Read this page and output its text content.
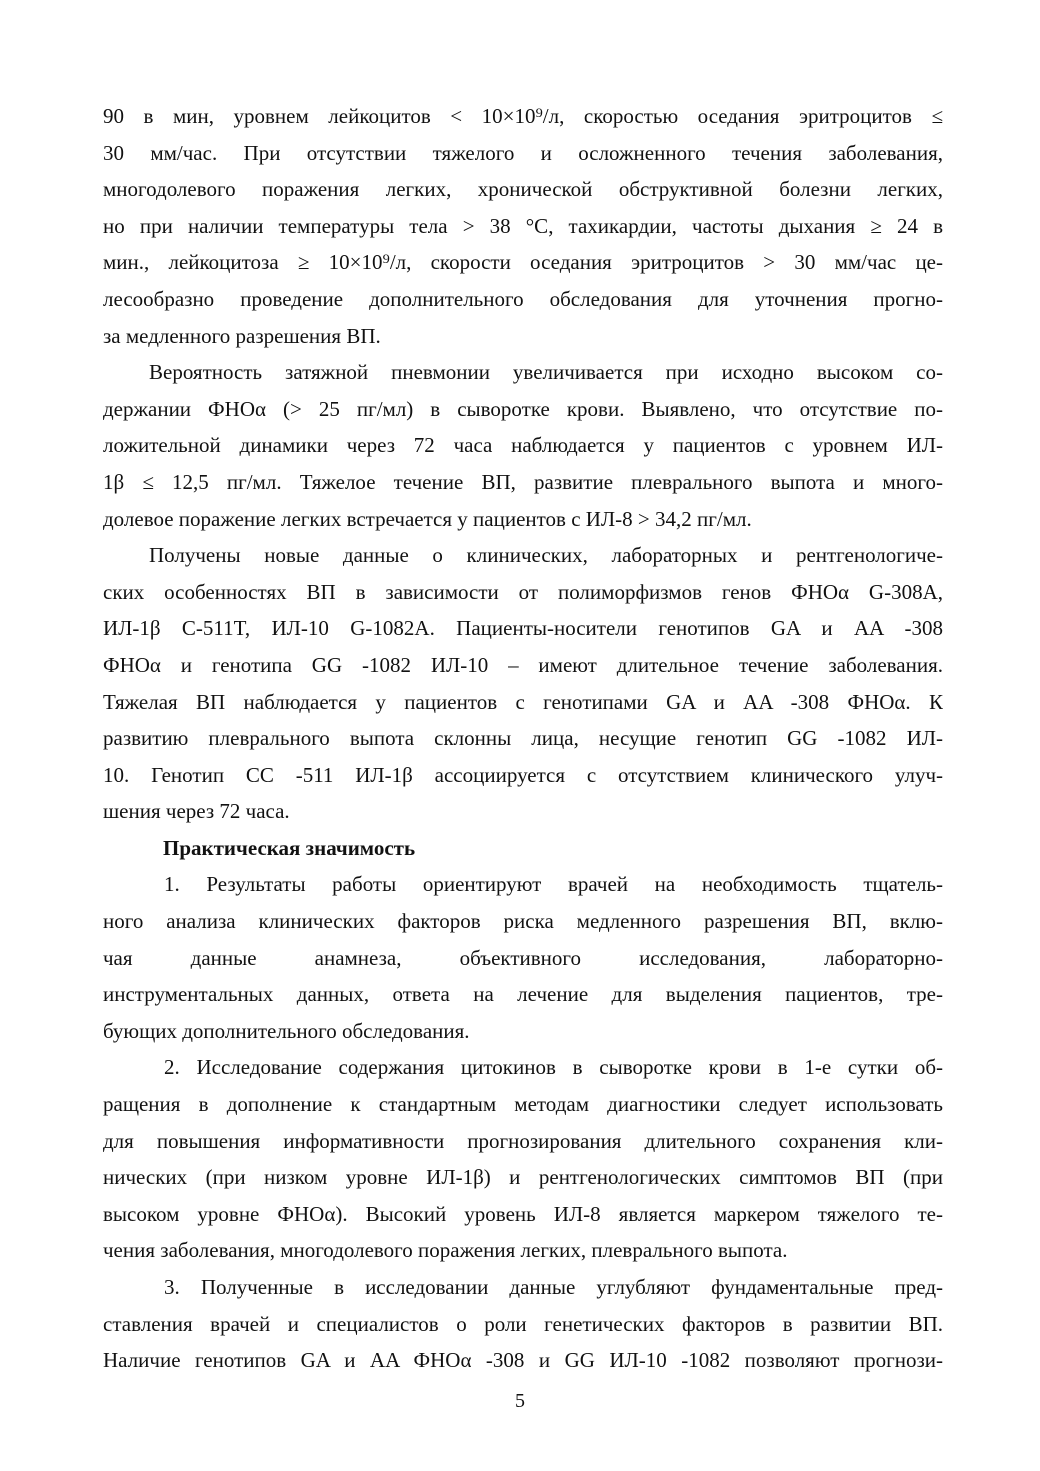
90 в мин, уровнем лейкоцитов < 10×10⁹/л, скоростью оседания эритроцитов ≤
30 мм/час. При отсутствии тяжелого и осложненного течения заболевания,
многодолевого поражения легких, хронической обструктивной болезни легких,
но при наличии температуры тела > 38 °С, тахикардии, частоты дыхания ≥ 24 в
мин., лейкоцитоза ≥ 10×10⁹/л, скорости оседания эритроцитов > 30 мм/час це-
лесообразно проведение дополнительного обследования для уточнения прогно-
за медленного разрешения ВП.
Вероятность затяжной пневмонии увеличивается при исходно высоком со-
держании ФНОα (> 25 пг/мл) в сыворотке крови. Выявлено, что отсутствие по-
ложительной динамики через 72 часа наблюдается у пациентов с уровнем ИЛ-
1β ≤ 12,5 пг/мл. Тяжелое течение ВП, развитие плеврального выпота и много-
долевое поражение легких встречается у пациентов с ИЛ-8 > 34,2 пг/мл.
Получены новые данные о клинических, лабораторных и рентгенологиче-
ских особенностях ВП в зависимости от полиморфизмов генов ФНОα G-308A,
ИЛ-1β C-511T, ИЛ-10 G-1082A. Пациенты-носители генотипов GA и AA -308
ФНОα и генотипа GG -1082 ИЛ-10 – имеют длительное течение заболевания.
Тяжелая ВП наблюдается у пациентов с генотипами GA и AA -308 ФНОα. К
развитию плеврального выпота склонны лица, несущие генотип GG -1082 ИЛ-
10. Генотип CC -511 ИЛ-1β ассоциируется с отсутствием клинического улуч-
шения через 72 часа.
Практическая значимость
1. Результаты работы ориентируют врачей на необходимость тщатель-
ного анализа клинических факторов риска медленного разрешения ВП, вклю-
чая данные анамнеза, объективного исследования, лабораторно-
инструментальных данных, ответа на лечение для выделения пациентов, тре-
бующих дополнительного обследования.
2. Исследование содержания цитокинов в сыворотке крови в 1-е сутки об-
ращения в дополнение к стандартным методам диагностики следует использовать
для повышения информативности прогнозирования длительного сохранения кли-
нических (при низком уровне ИЛ-1β) и рентгенологических симптомов ВП (при
высоком уровне ФНОα). Высокий уровень ИЛ-8 является маркером тяжелого те-
чения заболевания, многодолевого поражения легких, плеврального выпота.
3. Полученные в исследовании данные углубляют фундаментальные пред-
ставления врачей и специалистов о роли генетических факторов в развитии ВП.
Наличие генотипов GA и AA ФНОα -308 и GG ИЛ-10 -1082 позволяют прогнози-
5
